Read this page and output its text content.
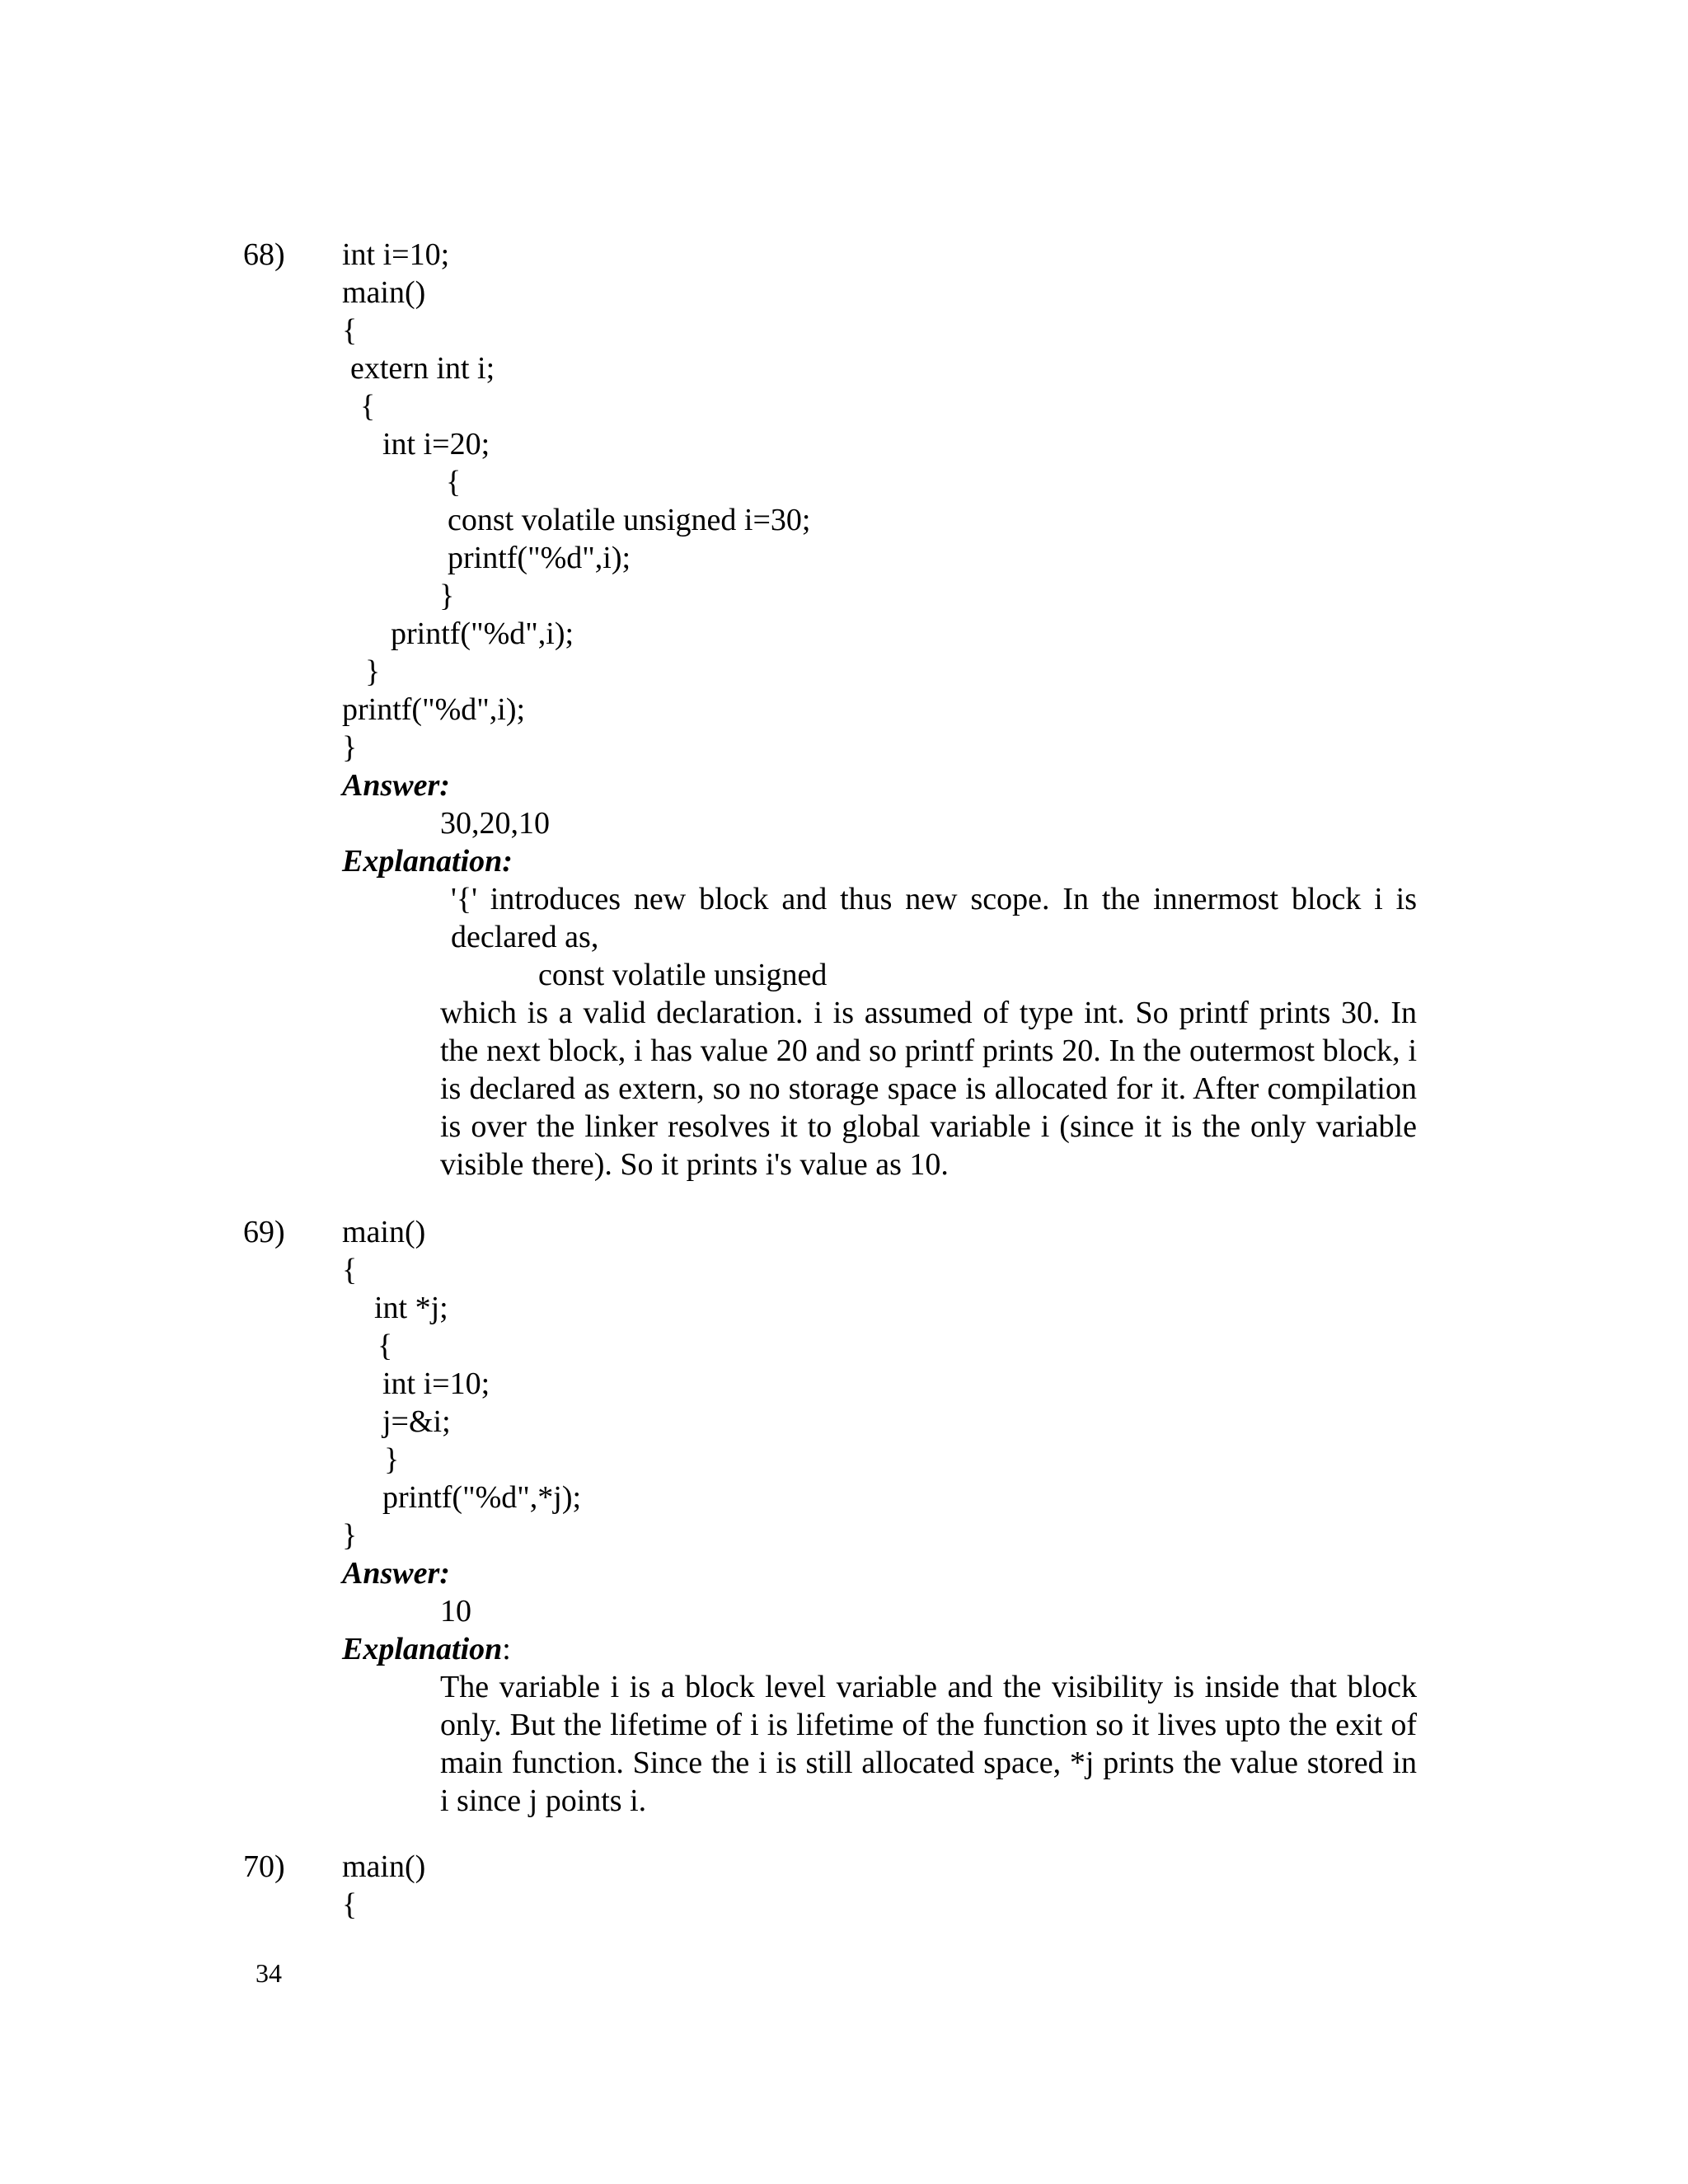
68) int i=10;
main()
{
extern int i;
{
int i=20;
{
const volatile unsigned i=30;
printf("%d",i);
}
printf("%d",i);
}
printf("%d",i);
}
Answer:
30,20,10
Explanation:
'{' introduces new block and thus new scope. In the innermost block i is declared as,
const volatile unsigned
which is a valid declaration. i is assumed of type int. So printf prints 30. In the next block, i has value 20 and so printf prints 20. In the outermost block, i is declared as extern, so no storage space is allocated for it. After compilation is over the linker resolves it to global variable i (since it is the only variable visible there). So it prints i's value as 10.
69) main()
{
int *j;
{
int i=10;
j=&i;
}
printf("%d",*j);
}
Answer:
10
Explanation:
The variable i is a block level variable and the visibility is inside that block only. But the lifetime of i is lifetime of the function so it lives upto the exit of main function. Since the i is still allocated space, *j prints the value stored in i since j points i.
70) main()
{
34
